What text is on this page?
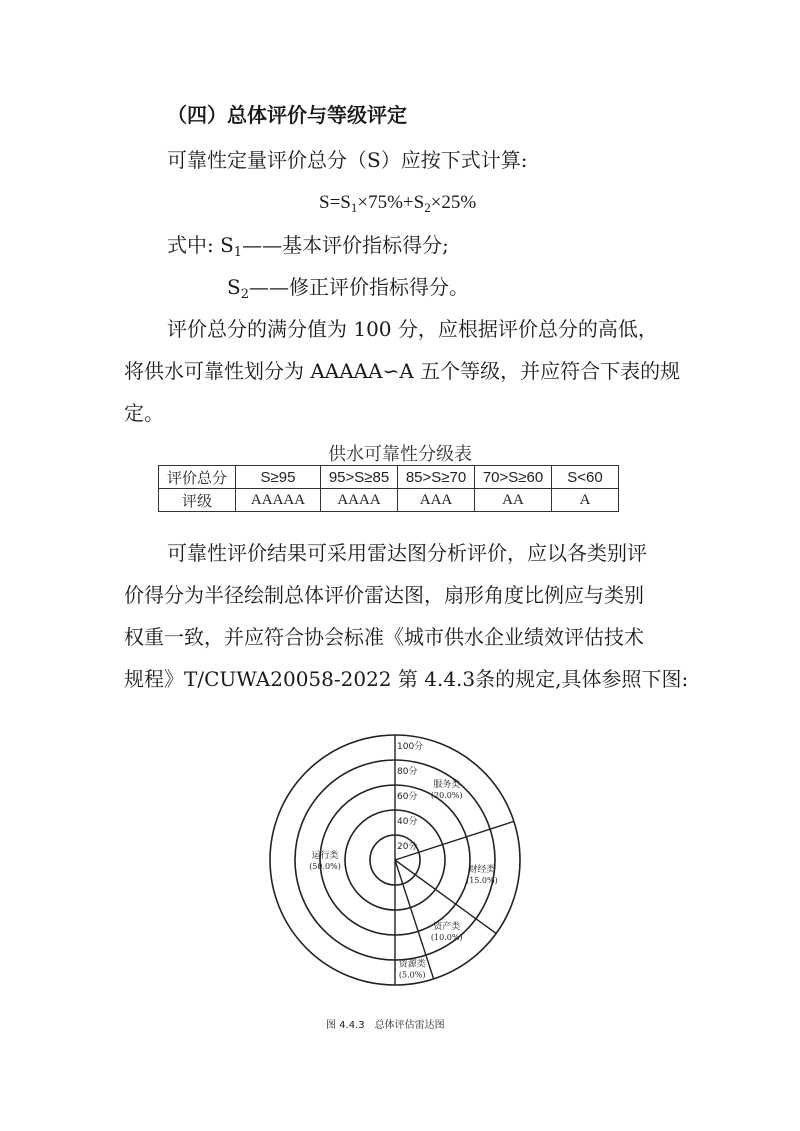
（四）总体评价与等级评定
可靠性定量评价总分（S）应按下式计算:
$S=S_1\times 75\%+S_2\times 25\%$
式中: $S_1——$基本评价指标得分;
$S_2——$修正评价指标得分。
评价总分的满分值为 100 分，应根据评价总分的高低，
将供水可靠性划分为 AAAAA∽A 五个等级，并应符合下表的规
定。
供水可靠性分级表
评价总分	S≥95	95>S≥85	85>S≥70	70>S≥60	S<60
评级	AAAAA	AAAA	AAA	AA	A
可靠性评价结果可采用雷达图分析评价，应以各类别评
价得分为半径绘制总体评价雷达图，扇形角度比例应与类别
权重一致，并应符合协会标准《城市供水企业绩效评估技术
规程》T/CUWA20058-2022 第 4.4.3条的规定,具体参照下图:
20分
40分
60分
80分
100分
服务类
(20.0%)
财经类
(15.0%)
资产类
(10.0%)
资源类
(5.0%)
运行类
(50.0%)
图 4.4.3　总体评估雷达图
